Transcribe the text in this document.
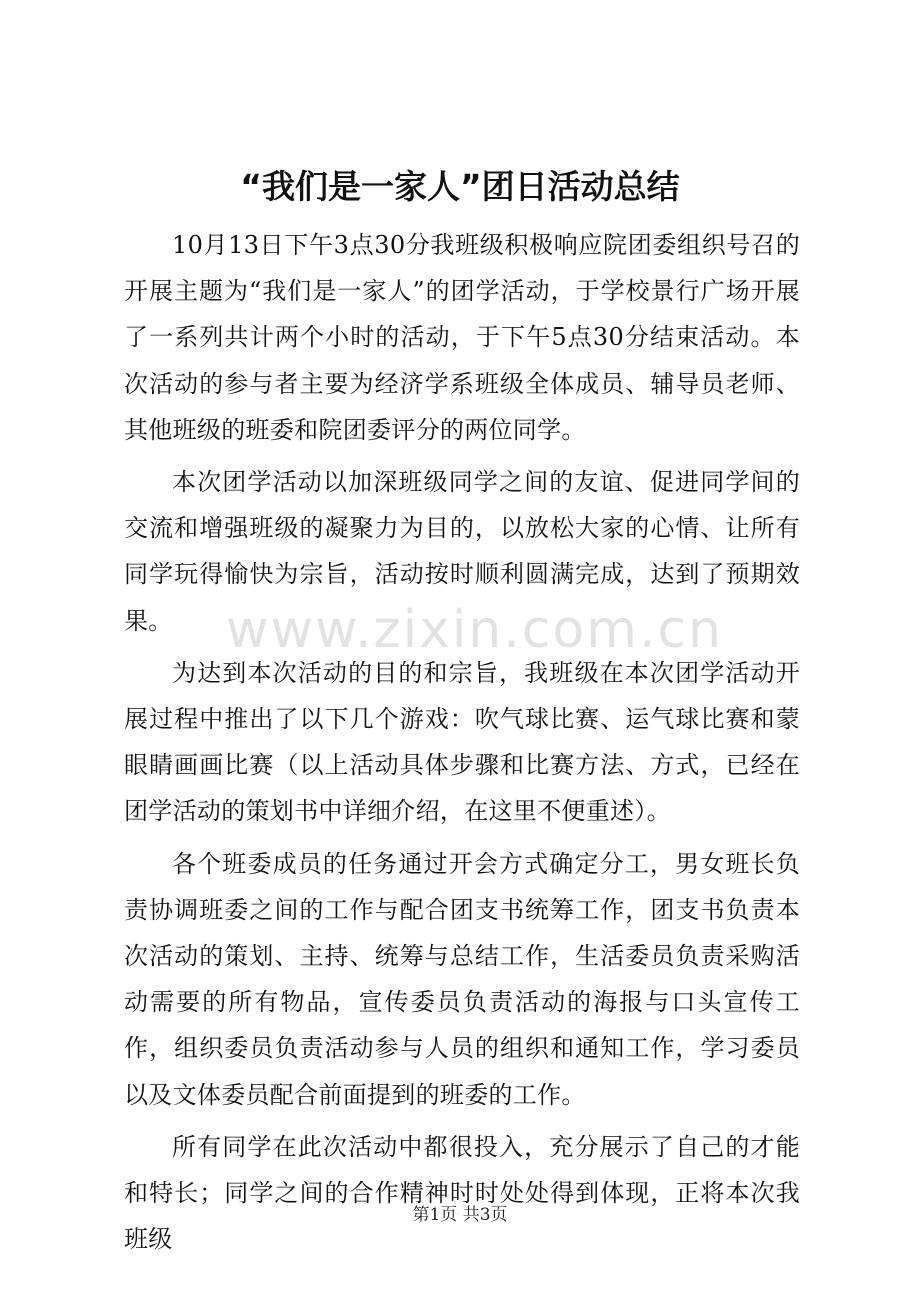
“我们是一家人”团日活动总结

10月13日下午3点30分我班级积极响应院团委组织号召的开展主题为“我们是一家人”的团学活动，于学校景行广场开展了一系列共计两个小时的活动，于下午5点30分结束活动。本次活动的参与者主要为经济学系班级全体成员、辅导员老师、其他班级的班委和院团委评分的两位同学。

本次团学活动以加深班级同学之间的友谊、促进同学间的交流和增强班级的凝聚力为目的，以放松大家的心情、让所有同学玩得愉快为宗旨，活动按时顺利圆满完成，达到了预期效果。

为达到本次活动的目的和宗旨，我班级在本次团学活动开展过程中推出了以下几个游戏：吹气球比赛、运气球比赛和蒙眼睛画画比赛（以上活动具体步骤和比赛方法、方式，已经在团学活动的策划书中详细介绍，在这里不便重述）。

各个班委成员的任务通过开会方式确定分工，男女班长负责协调班委之间的工作与配合团支书统筹工作，团支书负责本次活动的策划、主持、统筹与总结工作，生活委员负责采购活动需要的所有物品，宣传委员负责活动的海报与口头宣传工作，组织委员负责活动参与人员的组织和通知工作，学习委员以及文体委员配合前面提到的班委的工作。

所有同学在此次活动中都很投入，充分展示了自己的才能和特长；同学之间的合作精神时时处处得到体现，正将本次我班级

www.zixin.com.cn
第1页 共3页
